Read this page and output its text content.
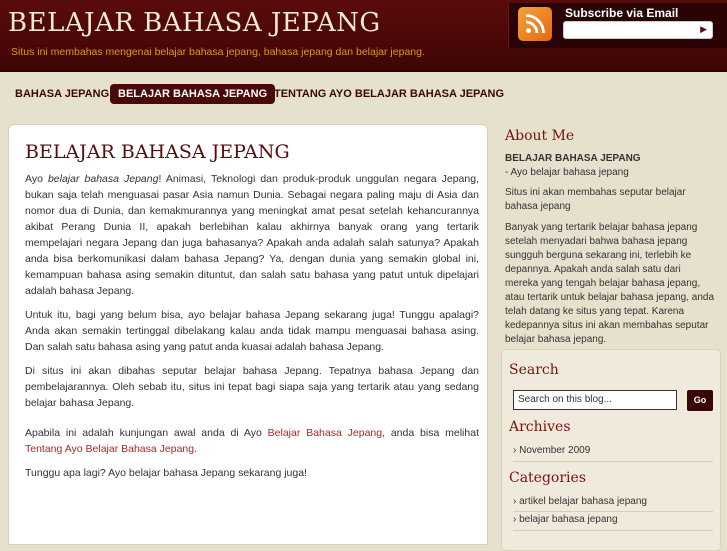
BELAJAR BAHASA JEPANG
Situs ini membahas mengenai belajar bahasa jepang, bahasa jepang dan belajar jepang.
Subscribe via Email
▶
BAHASA JEPANG BELAJAR BAHASA JEPANG TENTANG AYO BELAJAR BAHASA JEPANG
BELAJAR BAHASA JEPANG

Ayo belajar bahasa Jepang! Animasi, Teknologi dan produk-produk unggulan negara Jepang, bukan saja telah menguasai pasar Asia namun Dunia. Sebagai negara paling maju di Asia dan nomor dua di Dunia, dan kemakmurannya yang meningkat amat pesat setelah kehancurannya akibat Perang Dunia II, apakah berlebihan kalau akhirnya banyak orang yang tertarik mempelajari negara Jepang dan juga bahasanya? Apakah anda adalah salah satunya? Apakah anda bisa berkomunikasi dalam bahasa Jepang? Ya, dengan dunia yang semakin global ini, kemampuan bahasa asing semakin dituntut, dan salah satu bahasa yang patut untuk dipelajari adalah bahasa Jepang.

Untuk itu, bagi yang belum bisa, ayo belajar bahasa Jepang sekarang juga! Tunggu apalagi? Anda akan semakin tertinggal dibelakang kalau anda tidak mampu menguasai bahasa asing. Dan salah satu bahasa asing yang patut anda kuasai adalah bahasa Jepang.

Di situs ini akan dibahas seputar belajar bahasa Jepang. Tepatnya bahasa Jepang dan pembelajarannya. Oleh sebab itu, situs ini tepat bagi siapa saja yang tertarik atau yang sedang belajar bahasa Jepang.

Apabila ini adalah kunjungan awal anda di Ayo Belajar Bahasa Jepang, anda bisa melihat Tentang Ayo Belajar Bahasa Jepang.

Tunggu apa lagi? Ayo belajar bahasa Jepang sekarang juga!

About Me
BELAJAR BAHASA JEPANG
- Ayo belajar bahasa jepang
Situs ini akan membahas seputar belajar bahasa jepang
Banyak yang tertarik belajar bahasa jepang setelah menyadari bahwa bahasa jepang sungguh berguna sekarang ini, terlebih ke depannya. Apakah anda salah satu dari mereka yang tengah belajar bahasa jepang, atau tertarik untuk belajar bahasa jepang, anda telah datang ke situs yang tepat. Karena kedepannya situs ini akan membahas seputar belajar bahasa jepang.
Search
Search on this blog...	Go
Archives
› November 2009
Categories
› artikel belajar bahasa jepang
› belajar bahasa jepang
